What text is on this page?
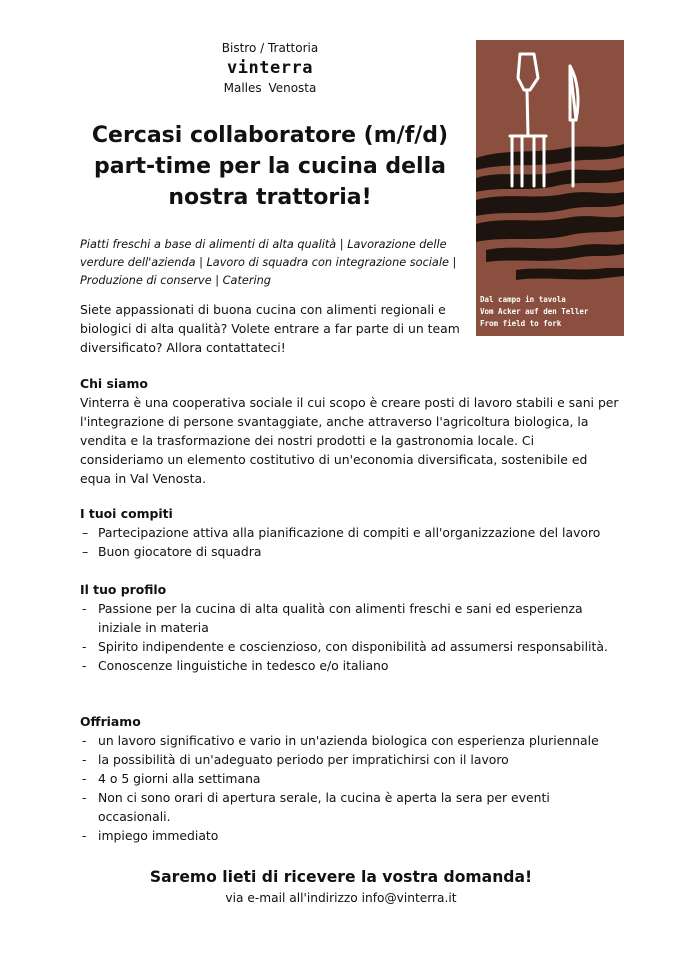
Bistro / Trattoria
vinterra
Malles Venosta
Dal campo in tavola
Vom Acker auf den Teller
From field to fork
Cercasi collaboratore (m/f/d) part-time per la cucina della nostra trattoria!
Piatti freschi a base di alimenti di alta qualità | Lavorazione delle verdure dell'azienda | Lavoro di squadra con integrazione sociale | Produzione di conserve | Catering
Siete appassionati di buona cucina con alimenti regionali e biologici di alta qualità? Volete entrare a far parte di un team diversificato? Allora contattateci!
Chi siamo

Vinterra è una cooperativa sociale il cui scopo è creare posti di lavoro stabili e sani per l'integrazione di persone svantaggiate, anche attraverso l'agricoltura biologica, la vendita e la trasformazione dei nostri prodotti e la gastronomia locale. Ci consideriamo un elemento costitutivo di un'economia diversificata, sostenibile ed equa in Val Venosta.

I tuoi compiti
– Partecipazione attiva alla pianificazione di compiti e all'organizzazione del lavoro
– Buon giocatore di squadra
Il tuo profilo
- Passione per la cucina di alta qualità con alimenti freschi e sani ed esperienza iniziale in materia
- Spirito indipendente e coscienzioso, con disponibilità ad assumersi responsabilità.
- Conoscenze linguistiche in tedesco e/o italiano
Offriamo
- un lavoro significativo e vario in un'azienda biologica con esperienza pluriennale
- la possibilità di un'adeguato periodo per impratichirsi con il lavoro
- 4 o 5 giorni alla settimana
- Non ci sono orari di apertura serale, la cucina è aperta la sera per eventi occasionali.
- impiego immediato
Saremo lieti di ricevere la vostra domanda!
via e-mail all'indirizzo info@vinterra.it
